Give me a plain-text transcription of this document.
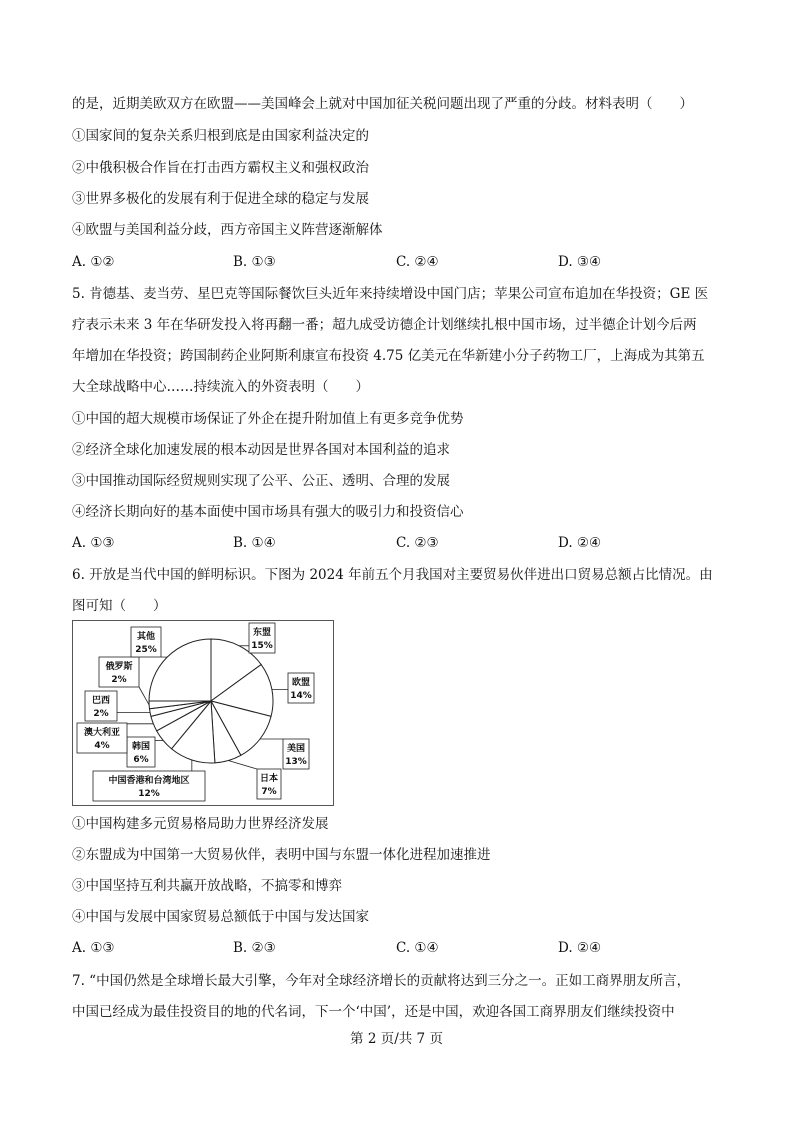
的是，近期美欧双方在欧盟——美国峰会上就对中国加征关税问题出现了严重的分歧。材料表明（　　）
①国家间的复杂关系归根到底是由国家利益决定的
②中俄积极合作旨在打击西方霸权主义和强权政治
③世界多极化的发展有利于促进全球的稳定与发展
④欧盟与美国利益分歧，西方帝国主义阵营逐渐解体
A. ①②	B. ①③	C. ②④	D. ③④
5. 肯德基、麦当劳、星巴克等国际餐饮巨头近年来持续增设中国门店；苹果公司宣布追加在华投资；GE 医
疗表示未来 3 年在华研发投入将再翻一番；超九成受访德企计划继续扎根中国市场，过半德企计划今后两
年增加在华投资；跨国制药企业阿斯利康宣布投资 4.75 亿美元在华新建小分子药物工厂，上海成为其第五
大全球战略中心……持续流入的外资表明（　　）
①中国的超大规模市场保证了外企在提升附加值上有更多竞争优势
②经济全球化加速发展的根本动因是世界各国对本国利益的追求
③中国推动国际经贸规则实现了公平、公正、透明、合理的发展
④经济长期向好的基本面使中国市场具有强大的吸引力和投资信心
A. ①③	B. ①④	C. ②③	D. ②④
6. 开放是当代中国的鲜明标识。下图为 2024 年前五个月我国对主要贸易伙伴进出口贸易总额占比情况。由
图可知（　　）
东盟
15%
欧盟
14%
美国
13%
日本
7%
中国香港和台湾地区
12%
韩国
6%
澳大利亚
4%
巴西
2%
俄罗斯
2%
其他
25%
①中国构建多元贸易格局助力世界经济发展
②东盟成为中国第一大贸易伙伴，表明中国与东盟一体化进程加速推进
③中国坚持互利共赢开放战略，不搞零和博弈
④中国与发展中国家贸易总额低于中国与发达国家
A. ①③	B. ②③	C. ①④	D. ②④
7. “中国仍然是全球增长最大引擎，今年对全球经济增长的贡献将达到三分之一。正如工商界朋友所言，
中国已经成为最佳投资目的地的代名词，下一个‘中国’，还是中国，欢迎各国工商界朋友们继续投资中
第 2 页/共 7 页
